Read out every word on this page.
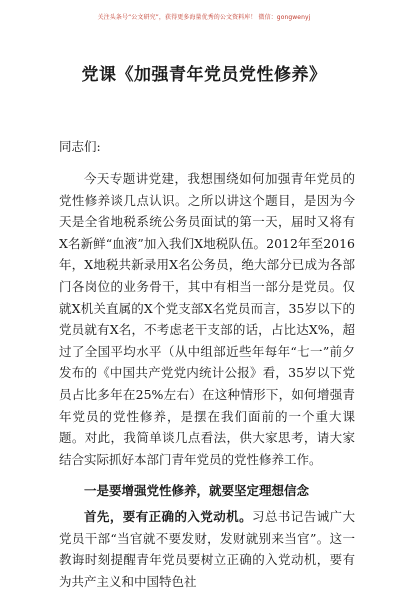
关注头条号“公文研究”，获得更多海量优秀的公文资料库！ 微信：gongwenyj
党课《加强青年党员党性修养》

同志们:

今天专题讲党建，我想围绕如何加强青年党员的党性修养谈几点认识。之所以讲这个题目，是因为今天是全省地税系统公务员面试的第一天，届时又将有X名新鲜“血液”加入我们X地税队伍。2012年至2016年，X地税共新录用X名公务员，绝大部分已成为各部门各岗位的业务骨干，其中有相当一部分是党员。仅就X机关直属的X个党支部X名党员而言，35岁以下的党员就有X名，不考虑老干支部的话，占比达X%，超过了全国平均水平（从中组部近些年每年“七一”前夕发布的《中国共产党党内统计公报》看，35岁以下党员占比多年在25%左右）在这种情形下，如何增强青年党员的党性修养，是摆在我们面前的一个重大课题。对此，我简单谈几点看法，供大家思考，请大家结合实际抓好本部门青年党员的党性修养工作。

一是要增强党性修养，就要坚定理想信念

首先，要有正确的入党动机。习总书记告诫广大党员干部“当官就不要发财，发财就别来当官”。这一教诲时刻提醒青年党员要树立正确的入党动机，要有为共产主义和中国特色社
